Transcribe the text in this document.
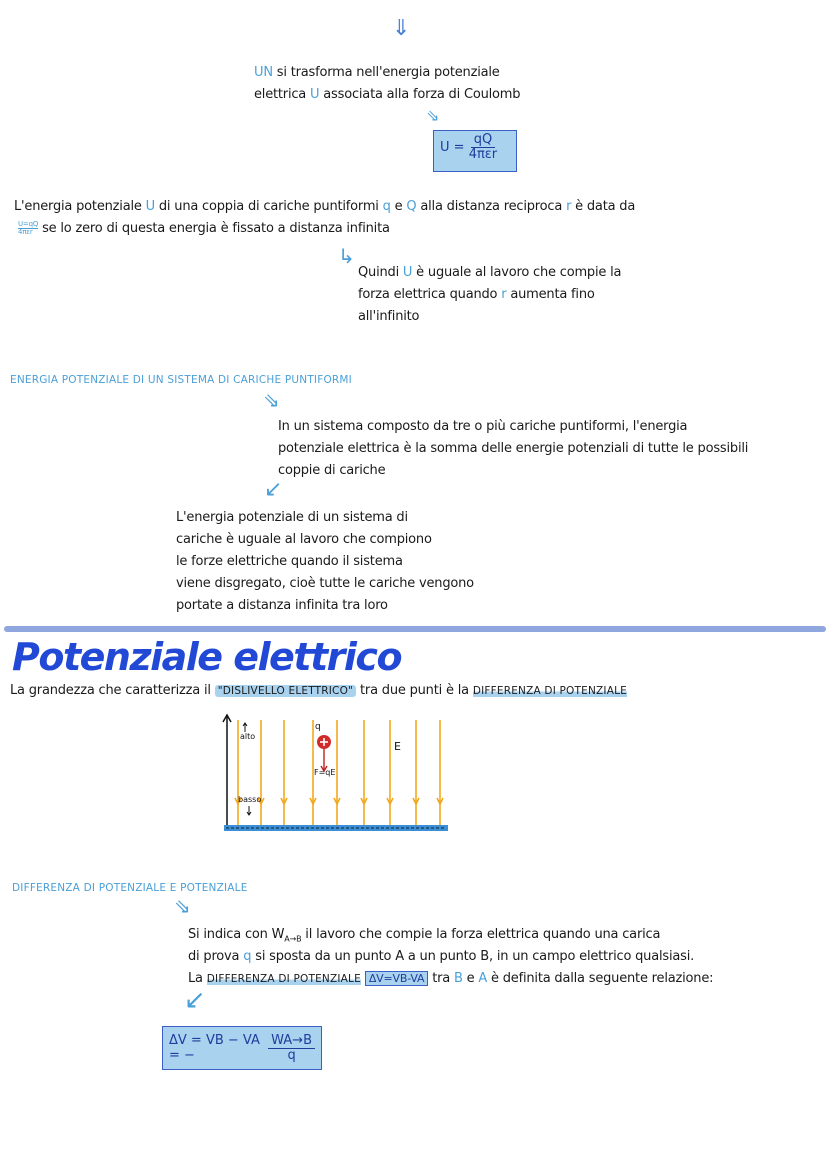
⇓
UN si trasforma nell'energia potenziale
elettrica U associata alla forza di Coulomb
⇘
$U = \frac{qQ}{\text{4πεr}}$
L'energia potenziale U di una coppia di cariche puntiformi q e Q alla distanza reciproca r è data da
$\frac{U=qQ}{\text{4πεr}}$ se lo zero di questa energia è fissato a distanza infinita
↳
Quindi U è uguale al lavoro che compie la
forza elettrica quando r aumenta fino
all'infinito
ENERGIA POTENZIALE DI UN SISTEMA DI CARICHE PUNTIFORMI
⇘
In un sistema composto da tre o più cariche puntiformi, l'energia
potenziale elettrica è la somma delle energie potenziali di tutte le possibili
coppie di cariche
↙
L'energia potenziale di un sistema di
cariche è uguale al lavoro che compiono
le forze elettriche quando il sistema
viene disgregato, cioè tutte le cariche vengono
portate a distanza infinita tra loro
Potenziale elettrico
La grandezza che caratterizza il "DISLIVELLO ELETTRICO" tra due punti è la DIFFERENZA DI POTENZIALE
alto
basso
q
F=qE
E
DIFFERENZA DI POTENZIALE E POTENZIALE
⇘
Si indica con $W_{A\to B}$ il lavoro che compie la forza elettrica quando una carica
di prova q si sposta da un punto A a un punto B, in un campo elettrico qualsiasi.
La DIFFERENZA DI POTENZIALE ΔV=VB-VA tra B e A è definita dalla seguente relazione:
↙
ΔV = VB − VA = −	$\frac{WA\to B}{q}$
